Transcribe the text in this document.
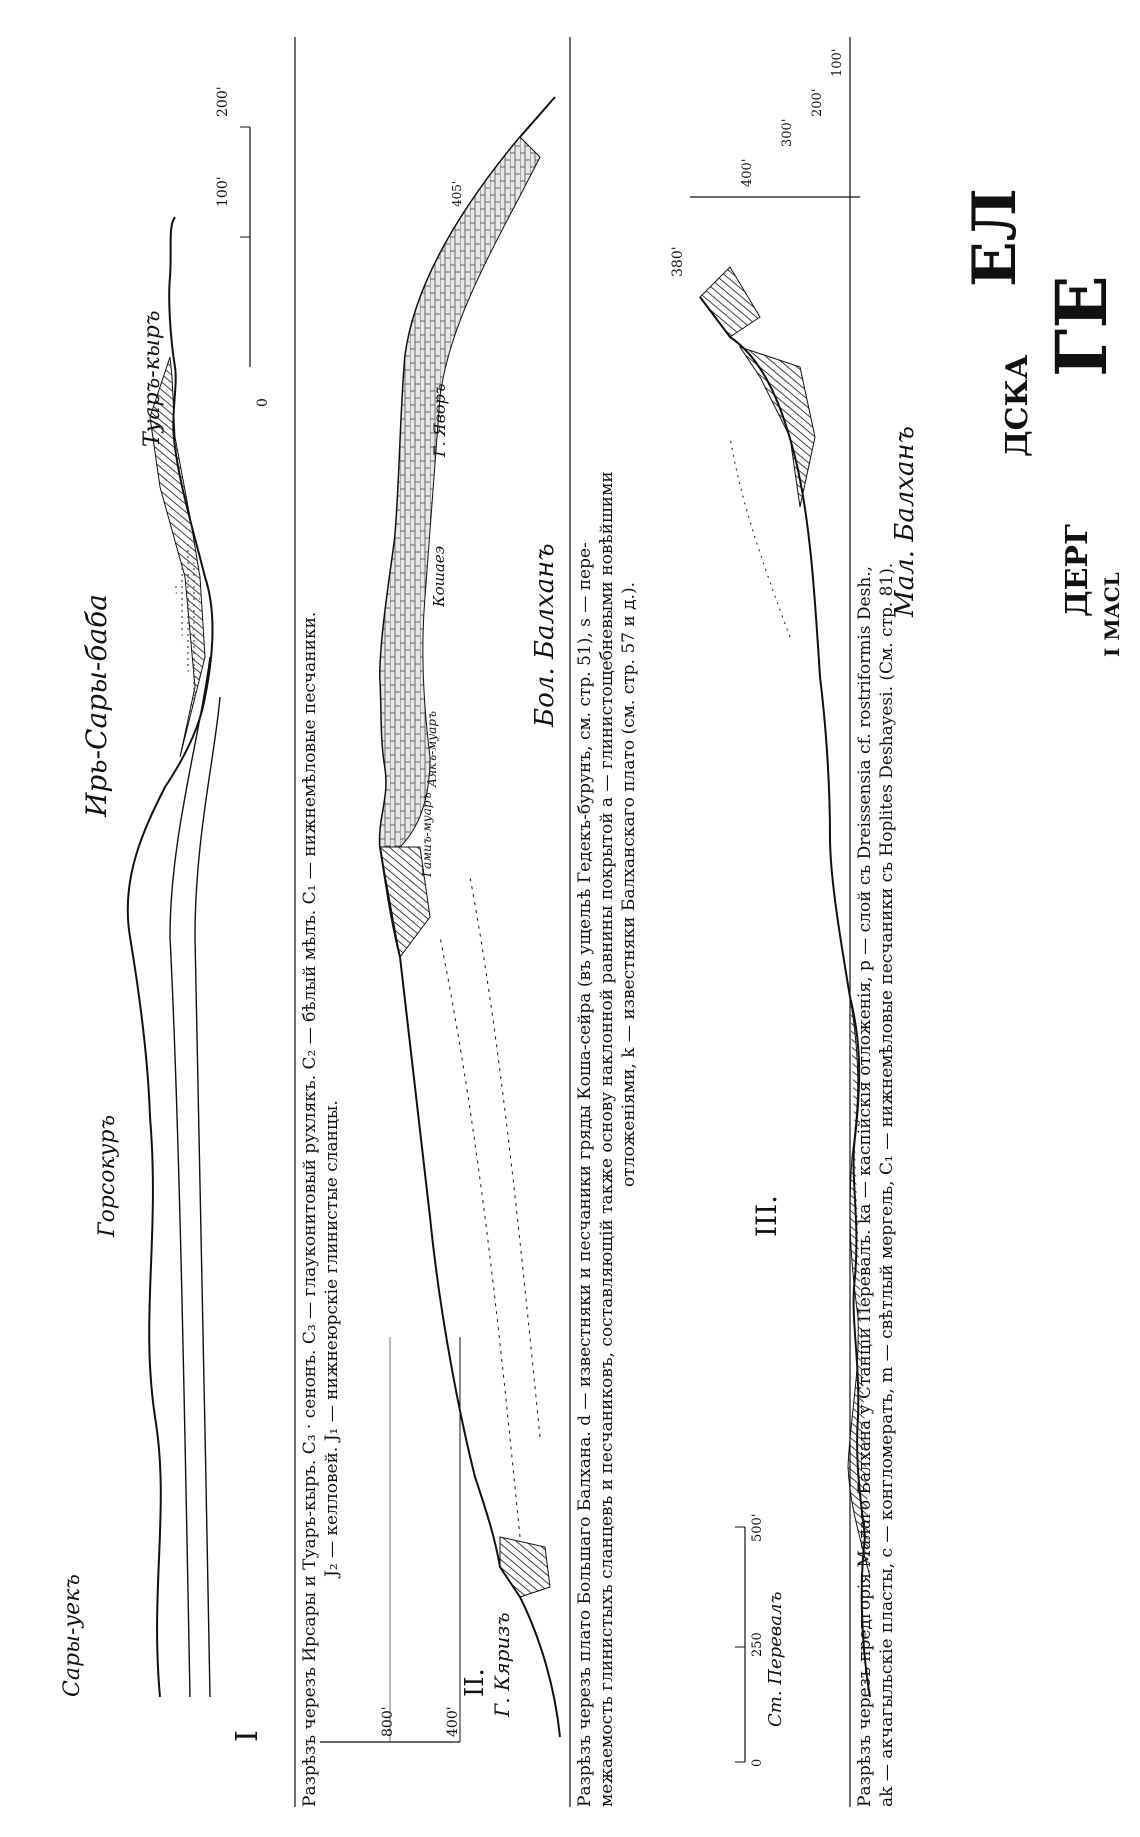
Сары-уекъ
Горсокуръ
Ирь-Сары-баба
Туаръ-кыръ
I
0
100'
200'
Разрѣзъ черезъ Ирсары и Туаръ-кыръ. C₃ · сенонъ. C₃ — глауконитовый рухлякъ. C₂ — бѣлый мѣлъ. C₁ — нижнемѣловые песчаники. J₂ — келловей. J₁ — нижнеюрскіе глинистые сланцы.
II. Г. Кяризъ
Бол. Балханъ
Гамиъ-муаръ
Аякъ-муаръ
Кошаеэ
Г. Яворъ
800'	400'
405'
Разрѣзъ черезъ плато Большаго Балхана. d — известняки и песчаники гряды Коша-сейра (въ ущельѣ Гедекъ-бурунъ, см. стр. 51), s — пере- межаемость глинистыхъ сланцевъ и песчаниковъ, составляющій также основу наклонной равнины покрытой a — глинистощебневыми новѣйшими отложеніями, k — известняки Балханскаго плато (см. стр. 57 и д.).
III.
Ст. Перевалъ
Мал. Балханъ
380'
0
250
500'
400'
300'
200'
100'
Разрѣзъ черезъ предгорія Малаго Балхана у Станціи Перевалъ. ka — каспійскія отложенія, p — слой съ Dreissensia cf. rostriformis Desh., ak — акчагыльскіе пласты, c — конгломератъ, m — свѣтлый мергель, C₁ — нижнемѣловые песчаники съ Hoplites Deshayesi. (См. стр. 81).
ЕЛ
ГЕ
ДСКА
ДЕРГ І МАСL
